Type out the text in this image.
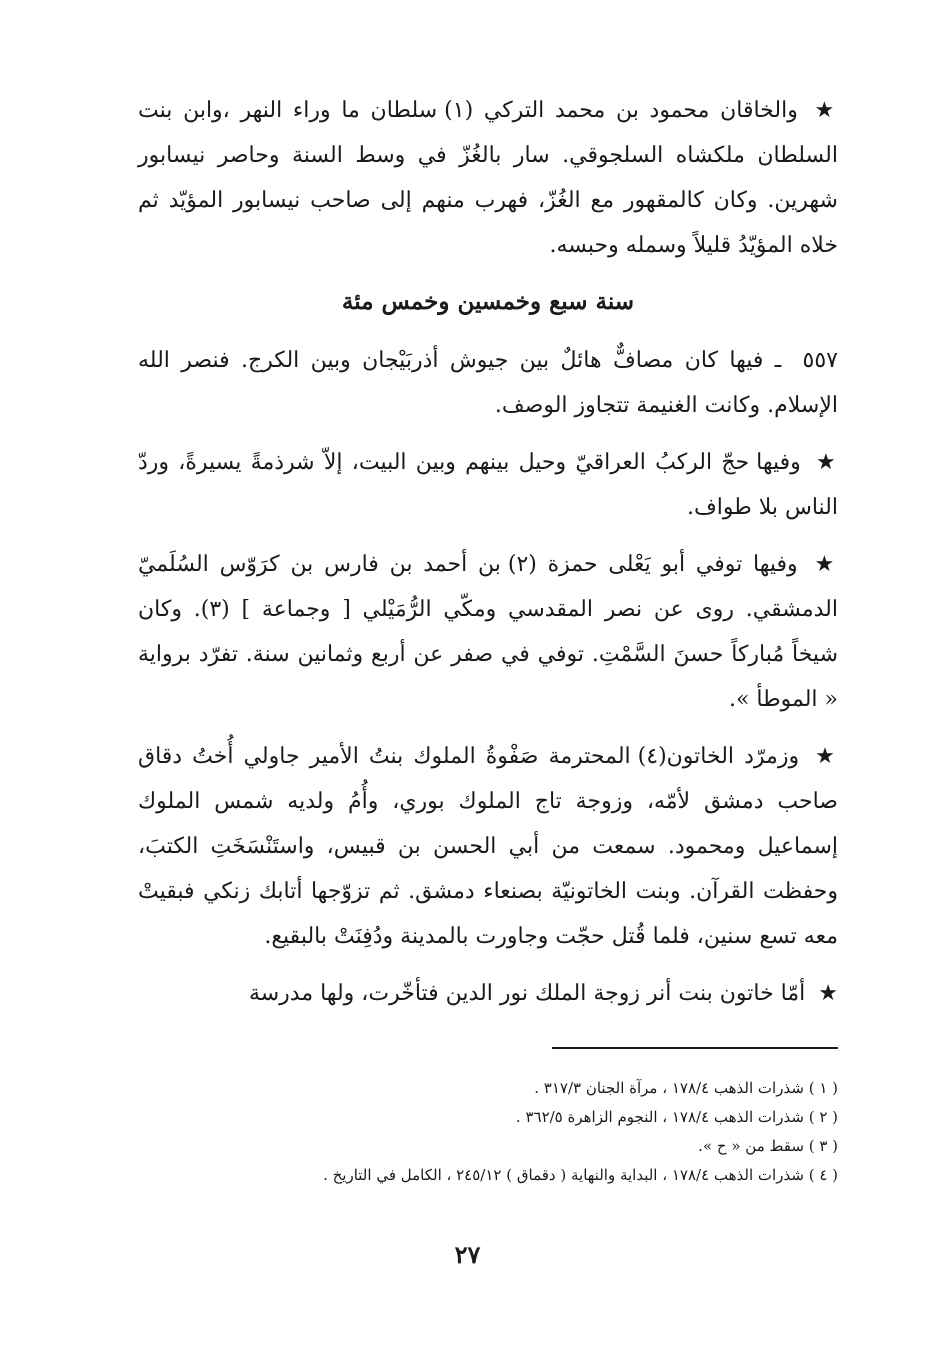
★ والخاقان محمود بن محمد التركي (١) سلطان ما وراء النهر ،وابن بنت السلطان ملكشاه السلجوقي. سار بالغُزّ في وسط السنة وحاصر نيسابور شهرين. وكان كالمقهور مع الغُزّ، فهرب منهم إلى صاحب نيسابور المؤيّد ثم خلاه المؤيّدُ قليلاً وسمله وحبسه.

سنة سبع وخمسين وخمس مئة

٥٥٧ ـ فيها كان مصافٌّ هائلٌ بين جيوش أذربَيْجان وبين الكرج. فنصر الله الإسلام. وكانت الغنيمة تتجاوز الوصف.

★ وفيها حجّ الركبُ العراقيّ وحيل بينهم وبين البيت، إلاّ شرذمةً يسيرةً، وردّ الناس بلا طواف.

★ وفيها توفي أبو يَعْلى حمزة (٢) بن أحمد بن فارس بن كرَوّس السُلَميّ الدمشقي. روى عن نصر المقدسي ومكّي الرُّمَيْلي [ وجماعة ] (٣). وكان شيخاً مُباركاً حسنَ السَّمْتِ. توفي في صفر عن أربع وثمانين سنة. تفرّد برواية « الموطأ ».

★ وزمرّد الخاتون(٤) المحترمة صَفْوةُ الملوك بنتُ الأمير جاولي أُختُ دقاق صاحب دمشق لأمّه، وزوجة تاج الملوك بوري، وأُمُ ولديه شمس الملوك إسماعيل ومحمود. سمعت من أبي الحسن بن قبيس، واستَنْسَخَتِ الكتبَ، وحفظت القرآن. وبنت الخاتونيّة بصنعاء دمشق. ثم تزوّجها أتابك زنكي فبقيتْ معه تسع سنين، فلما قُتل حجّت وجاورت بالمدينة ودُفِنَتْ بالبقيع.

★ أمّا خاتون بنت أنر زوجة الملك نور الدين فتأخّرت، ولها مدرسة

( ١ ) شذرات الذهب ١٧٨/٤ ، مرآة الجنان ٣١٧/٣ .

( ٢ ) شذرات الذهب ١٧٨/٤ ، النجوم الزاهرة ٣٦٢/٥ .

( ٣ ) سقط من « ح ».

( ٤ ) شذرات الذهب ١٧٨/٤ ، البداية والنهاية ( دقماق ) ٢٤٥/١٢ ، الكامل في التاريخ .

٢٧
